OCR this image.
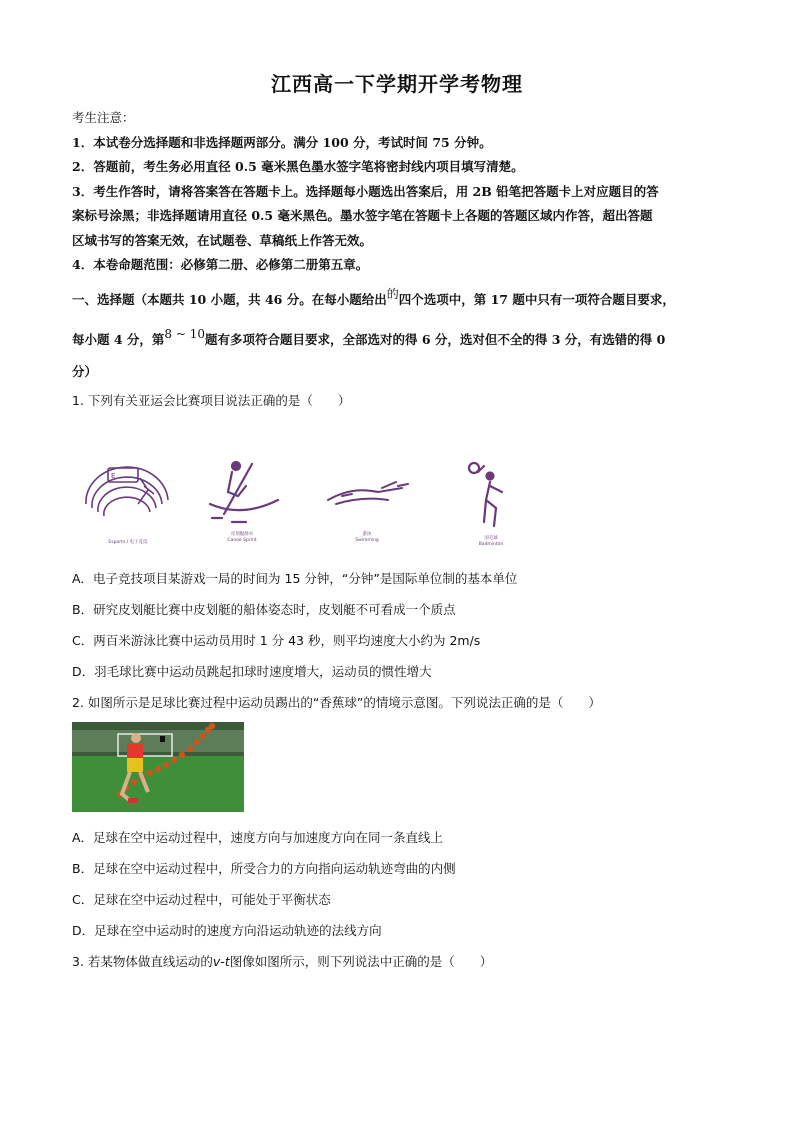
江西高一下学期开学考物理
考生注意：

1．本试卷分选择题和非选择题两部分。满分 100 分，考试时间 75 分钟。

2．答题前，考生务必用直径 0.5 毫米黑色墨水签字笔将密封线内项目填写清楚。

3．考生作答时，请将答案答在答题卡上。选择题每小题选出答案后，用 2B 铅笔把答题卡上对应题目的答

案标号涂黑；非选择题请用直径 0.5 毫米黑色。墨水签字笔在答题卡上各题的答题区域内作答，超出答题

区域书写的答案无效，在试题卷、草稿纸上作答无效。

4．本卷命题范围：必修第二册、必修第二册第五章。

一、选择题（本题共 10 小题，共 46 分。在每小题给出的四个选项中，第 17 题中只有一项符合题目要求，
每小题 4 分，第8 ~ 10题有多项符合题目要求，全部选对的得 6 分，选对但不全的得 3 分，有选错的得 0
分）
1. 下列有关亚运会比赛项目说法正确的是（　　）
E
Esports / 电子竞技
皮划艇静水
Canoe Sprint
游泳
Swimming	羽毛球
Badminton
A．电子竞技项目某游戏一局的时间为 15 分钟，“分钟”是国际单位制的基本单位
B．研究皮划艇比赛中皮划艇的船体姿态时，皮划艇不可看成一个质点
C．两百米游泳比赛中运动员用时 1 分 43 秒，则平均速度大小约为 2m/s
D．羽毛球比赛中运动员跳起扣球时速度增大，运动员的惯性增大
2. 如图所示是足球比赛过程中运动员踢出的“香蕉球”的情境示意图。下列说法正确的是（　　）
A．足球在空中运动过程中，速度方向与加速度方向在同一条直线上
B．足球在空中运动过程中，所受合力的方向指向运动轨迹弯曲的内侧
C．足球在空中运动过程中，可能处于平衡状态
D．足球在空中运动时的速度方向沿运动轨迹的法线方向
3. 若某物体做直线运动的v-t图像如图所示，则下列说法中正确的是（　　）
